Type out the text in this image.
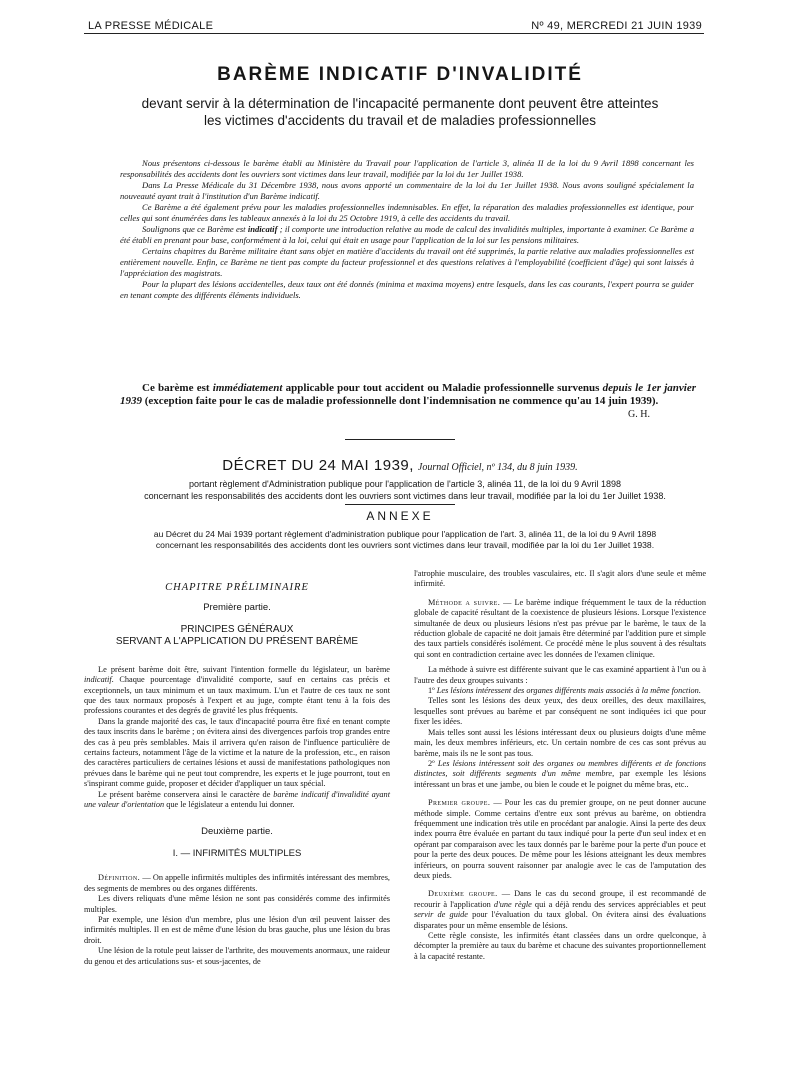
LA PRESSE MÉDICALE	Nº 49, MERCREDI 21 JUIN 1939
BARÈME INDICATIF D'INVALIDITÉ
devant servir à la détermination de l'incapacité permanente dont peuvent être atteintes
les victimes d'accidents du travail et de maladies professionnelles

Nous présentons ci-dessous le barème établi au Ministère du Travail pour l'application de l'article 3, alinéa II de la loi du 9 Avril 1898 concernant les responsabilités des accidents dont les ouvriers sont victimes dans leur travail, modifiée par la loi du 1er Juillet 1938.

Dans La Presse Médicale du 31 Décembre 1938, nous avons apporté un commentaire de la loi du 1er Juillet 1938. Nous avons souligné spécialement la nouveauté ayant trait à l'institution d'un Barème indicatif.

Ce Barème a été également prévu pour les maladies professionnelles indemnisables. En effet, la réparation des maladies professionnelles est identique, pour celles qui sont énumérées dans les tableaux annexés à la loi du 25 Octobre 1919, à celle des accidents du travail.

Soulignons que ce Barème est indicatif ; il comporte une introduction relative au mode de calcul des invalidités multiples, importante à examiner. Ce Barème a été établi en prenant pour base, conformément à la loi, celui qui était en usage pour l'application de la loi sur les pensions militaires.

Certains chapitres du Barème militaire étant sans objet en matière d'accidents du travail ont été supprimés, la partie relative aux maladies professionnelles est entièrement nouvelle. Enfin, ce Barème ne tient pas compte du facteur professionnel et des questions relatives à l'employabilité (coefficient d'âge) qui sont laissés à l'appréciation des magistrats.

Pour la plupart des lésions accidentelles, deux taux ont été donnés (minima et maxima moyens) entre lesquels, dans les cas courants, l'expert pourra se guider en tenant compte des différents éléments individuels.

Ce barème est immédiatement applicable pour tout accident ou Maladie professionnelle survenus depuis le 1er janvier 1939 (exception faite pour le cas de maladie professionnelle dont l'indemnisation ne commence qu'au 14 juin 1939).
G. H.
DÉCRET DU 24 MAI 1939, Journal Officiel, nº 134, du 8 juin 1939.
portant règlement d'Administration publique pour l'application de l'article 3, alinéa 11, de la loi du 9 Avril 1898
concernant les responsabilités des accidents dont les ouvriers sont victimes dans leur travail, modifiée par la loi du 1er Juillet 1938.
ANNEXE
au Décret du 24 Mai 1939 portant règlement d'administration publique pour l'application de l'art. 3, alinéa 11, de la loi du 9 Avril 1898
concernant les responsabilités des accidents dont les ouvriers sont victimes dans leur travail, modifiée par la loi du 1er Juillet 1938.
CHAPITRE PRÉLIMINAIRE
Première partie.
PRINCIPES GÉNÉRAUX
SERVANT A L'APPLICATION DU PRÉSENT BARÈME

Le présent barème doit être, suivant l'intention formelle du législateur, un barème indicatif. Chaque pourcentage d'invalidité comporte, sauf en certains cas précis et exceptionnels, un taux minimum et un taux maximum. L'un et l'autre de ces taux ne sont que des taux normaux proposés à l'expert et au juge, compte étant tenu à la fois des professions courantes et des degrés de gravité les plus fréquents.

Dans la grande majorité des cas, le taux d'incapacité pourra être fixé en tenant compte des taux inscrits dans le barème ; on évitera ainsi des divergences parfois trop grandes entre des cas à peu près semblables. Mais il arrivera qu'en raison de l'influence particulière de certains facteurs, notamment l'âge de la victime et la nature de la profession, etc., en raison des caractères particuliers de certaines lésions et aussi de manifestations pathologiques non prévues dans le barème qui ne peut tout comprendre, les experts et le juge pourront, tout en s'inspirant comme guide, proposer et décider d'appliquer un taux spécial.

Le présent barème conservera ainsi le caractère de barème indicatif d'invalidité ayant une valeur d'orientation que le législateur a entendu lui donner.

Deuxième partie.
I. — INFIRMITÉS MULTIPLES

Définition. — On appelle infirmités multiples des infirmités intéressant des membres, des segments de membres ou des organes différents.

Les divers reliquats d'une même lésion ne sont pas considérés comme des infirmités multiples.

Par exemple, une lésion d'un membre, plus une lésion d'un œil peuvent laisser des infirmités multiples. Il en est de même d'une lésion du bras gauche, plus une lésion du bras droit.

Une lésion de la rotule peut laisser de l'arthrite, des mouvements anormaux, une raideur du genou et des articulations sus- et sous-jacentes, de

l'atrophie musculaire, des troubles vasculaires, etc. Il s'agit alors d'une seule et même infirmité.

Méthode a suivre. — Le barème indique fréquemment le taux de la réduction globale de capacité résultant de la coexistence de plusieurs lésions. Lorsque l'existence simultanée de deux ou plusieurs lésions n'est pas prévue par le barème, le taux de la réduction globale de capacité ne doit jamais être déterminé par l'addition pure et simple des taux partiels considérés isolément. Ce procédé mène le plus souvent à des résultats qui sont en contradiction certaine avec les données de l'examen clinique.

La méthode à suivre est différente suivant que le cas examiné appartient à l'un ou à l'autre des deux groupes suivants :

1º Les lésions intéressent des organes différents mais associés à la même fonction.

Telles sont les lésions des deux yeux, des deux oreilles, des deux maxillaires, lesquelles sont prévues au barème et par conséquent ne sont indiquées ici que pour fixer les idées.

Mais telles sont aussi les lésions intéressant deux ou plusieurs doigts d'une même main, les deux membres inférieurs, etc. Un certain nombre de ces cas sont prévus au barème, mais ils ne le sont pas tous.

2º Les lésions intéressent soit des organes ou membres différents et de fonctions distinctes, soit différents segments d'un même membre, par exemple les lésions intéressant un bras et une jambe, ou bien le coude et le poignet du même bras, etc..

Premier groupe. — Pour les cas du premier groupe, on ne peut donner aucune méthode simple. Comme certains d'entre eux sont prévus au barème, on obtiendra fréquemment une indication très utile en procédant par analogie. Ainsi la perte des deux index pourra être évaluée en partant du taux indiqué pour la perte d'un seul index et en opérant par comparaison avec les taux donnés par le barème pour la perte d'un pouce et pour la perte des deux pouces. De même pour les lésions atteignant les deux membres inférieurs, on pourra souvent raisonner par analogie avec le cas de l'amputation des deux pieds.

Deuxième groupe. — Dans le cas du second groupe, il est recommandé de recourir à l'application d'une règle qui a déjà rendu des services appréciables et peut servir de guide pour l'évaluation du taux global. On évitera ainsi des évaluations disparates pour un même ensemble de lésions.

Cette règle consiste, les infirmités étant classées dans un ordre quelconque, à décompter la première au taux du barème et chacune des suivantes proportionnellement à la capacité restante.
